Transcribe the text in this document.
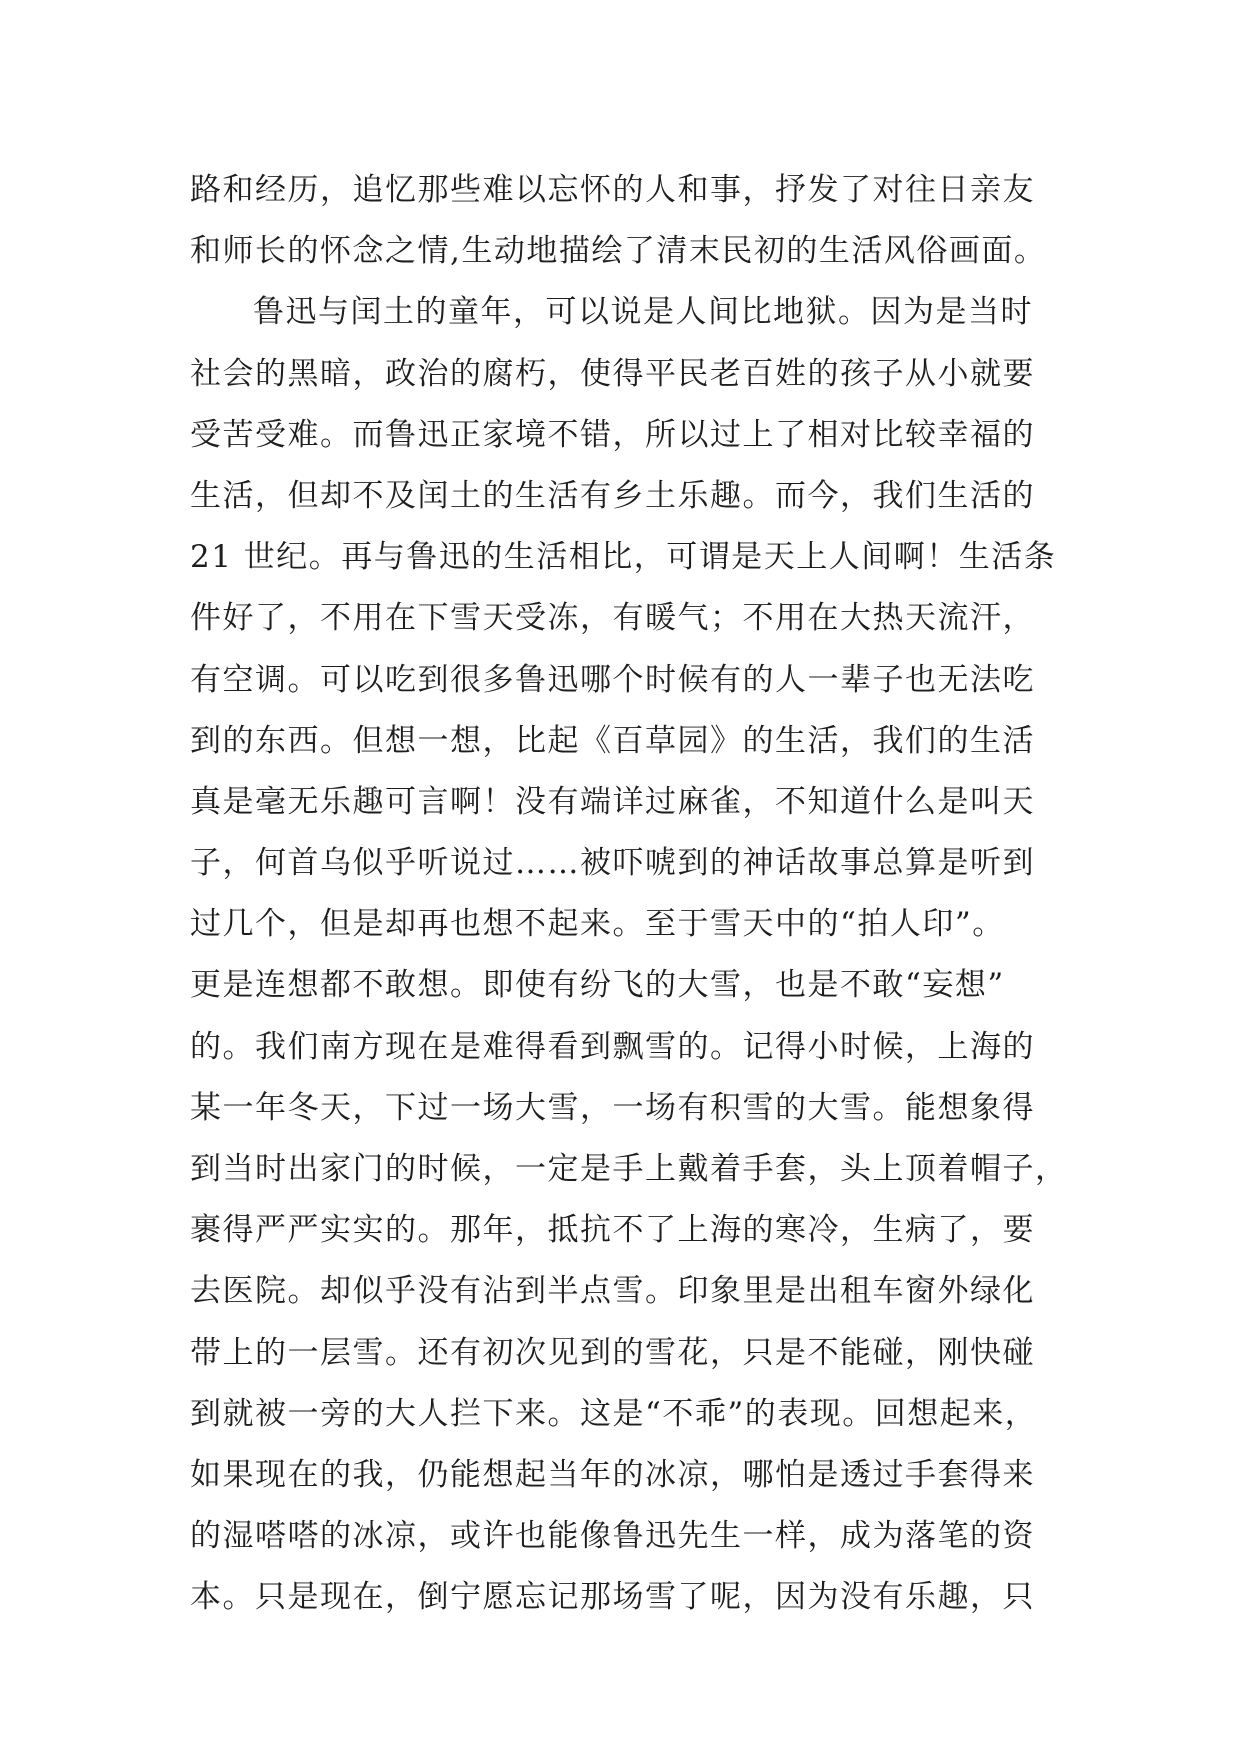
路和经历，追忆那些难以忘怀的人和事，抒发了对往日亲友
和师长的怀念之情,生动地描绘了清末民初的生活风俗画面。
鲁迅与闰土的童年，可以说是人间比地狱。因为是当时
社会的黑暗，政治的腐朽，使得平民老百姓的孩子从小就要
受苦受难。而鲁迅正家境不错，所以过上了相对比较幸福的
生活，但却不及闰土的生活有乡土乐趣。而今，我们生活的
21 世纪。再与鲁迅的生活相比，可谓是天上人间啊！生活条
件好了，不用在下雪天受冻，有暖气；不用在大热天流汗，
有空调。可以吃到很多鲁迅哪个时候有的人一辈子也无法吃
到的东西。但想一想，比起《百草园》的生活，我们的生活
真是毫无乐趣可言啊！没有端详过麻雀，不知道什么是叫天
子，何首乌似乎听说过……被吓唬到的神话故事总算是听到
过几个，但是却再也想不起来。至于雪天中的“拍人印”。
更是连想都不敢想。即使有纷飞的大雪，也是不敢“妄想”
的。我们南方现在是难得看到飘雪的。记得小时候，上海的
某一年冬天，下过一场大雪，一场有积雪的大雪。能想象得
到当时出家门的时候，一定是手上戴着手套，头上顶着帽子，
裹得严严实实的。那年，抵抗不了上海的寒冷，生病了，要
去医院。却似乎没有沾到半点雪。印象里是出租车窗外绿化
带上的一层雪。还有初次见到的雪花，只是不能碰，刚快碰
到就被一旁的大人拦下来。这是“不乖”的表现。回想起来，
如果现在的我，仍能想起当年的冰凉，哪怕是透过手套得来
的湿嗒嗒的冰凉，或许也能像鲁迅先生一样，成为落笔的资
本。只是现在，倒宁愿忘记那场雪了呢，因为没有乐趣，只
